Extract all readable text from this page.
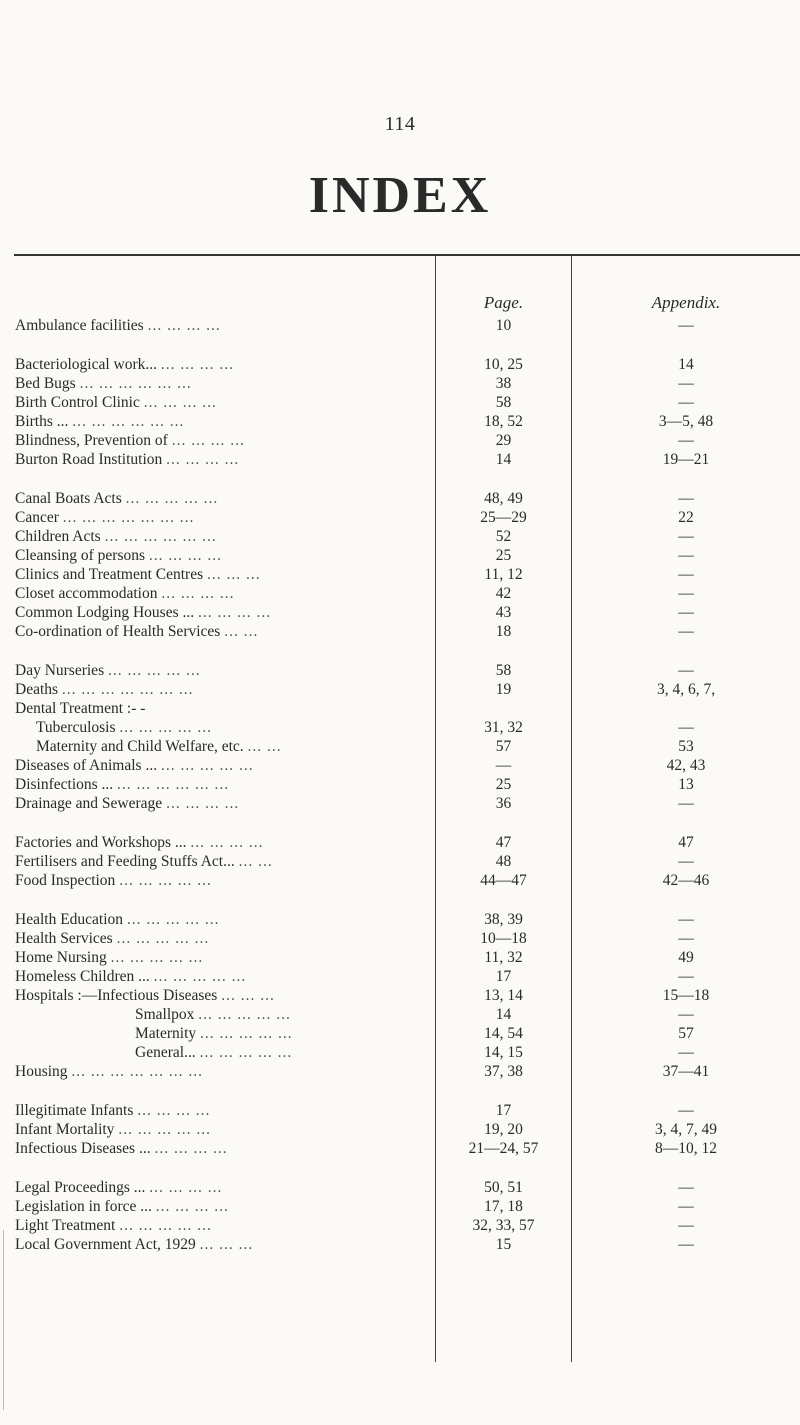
114
INDEX
Page.	Appendix.
Ambulance facilities ... ... ... ...	10	—
Bacteriological work... ... ... ... ...	10, 25	14
Bed Bugs ... ... ... ... ... ...	38	—
Birth Control Clinic ... ... ... ...	58	—
Births ... ... ... ... ... ... ...	18, 52	3—5, 48
Blindness, Prevention of ... ... ... ...	29	—
Burton Road Institution ... ... ... ...	14	19—21
Canal Boats Acts ... ... ... ... ...	48, 49	—
Cancer ... ... ... ... ... ... ...	25—29	22
Children Acts ... ... ... ... ... ...	52	—
Cleansing of persons ... ... ... ...	25	—
Clinics and Treatment Centres ... ... ...	11, 12	—
Closet accommodation ... ... ... ...	42	—
Common Lodging Houses ... ... ... ... ...	43	—
Co-ordination of Health Services ... ...	18	—
Day Nurseries ... ... ... ... ...	58	—
Deaths ... ... ... ... ... ... ...	19	3, 4, 6, 7,
Dental Treatment :- -
Tuberculosis ... ... ... ... ...	31, 32	—
Maternity and Child Welfare, etc. ... ...	57	53
Diseases of Animals ... ... ... ... ... ...	—	42, 43
Disinfections ... ... ... ... ... ... ...	25	13
Drainage and Sewerage ... ... ... ...	36	—
Factories and Workshops ... ... ... ... ...	47	47
Fertilisers and Feeding Stuffs Act... ... ...	48	—
Food Inspection ... ... ... ... ...	44—47	42—46
Health Education ... ... ... ... ...	38, 39	—
Health Services ... ... ... ... ...	10—18	—
Home Nursing ... ... ... ... ...	11, 32	49
Homeless Children ... ... ... ... ... ...	17	—
Hospitals :—Infectious Diseases ... ... ...	13, 14	15—18
Smallpox ... ... ... ... ...	14	—
Maternity ... ... ... ... ...	14, 54	57
General... ... ... ... ... ...	14, 15	—
Housing ... ... ... ... ... ... ...	37, 38	37—41
Illegitimate Infants ... ... ... ...	17	—
Infant Mortality ... ... ... ... ...	19, 20	3, 4, 7, 49
Infectious Diseases ... ... ... ... ...	21—24, 57	8—10, 12
Legal Proceedings ... ... ... ... ...	50, 51	—
Legislation in force ... ... ... ... ...	17, 18	—
Light Treatment ... ... ... ... ...	32, 33, 57	—
Local Government Act, 1929 ... ... ...	15	—
